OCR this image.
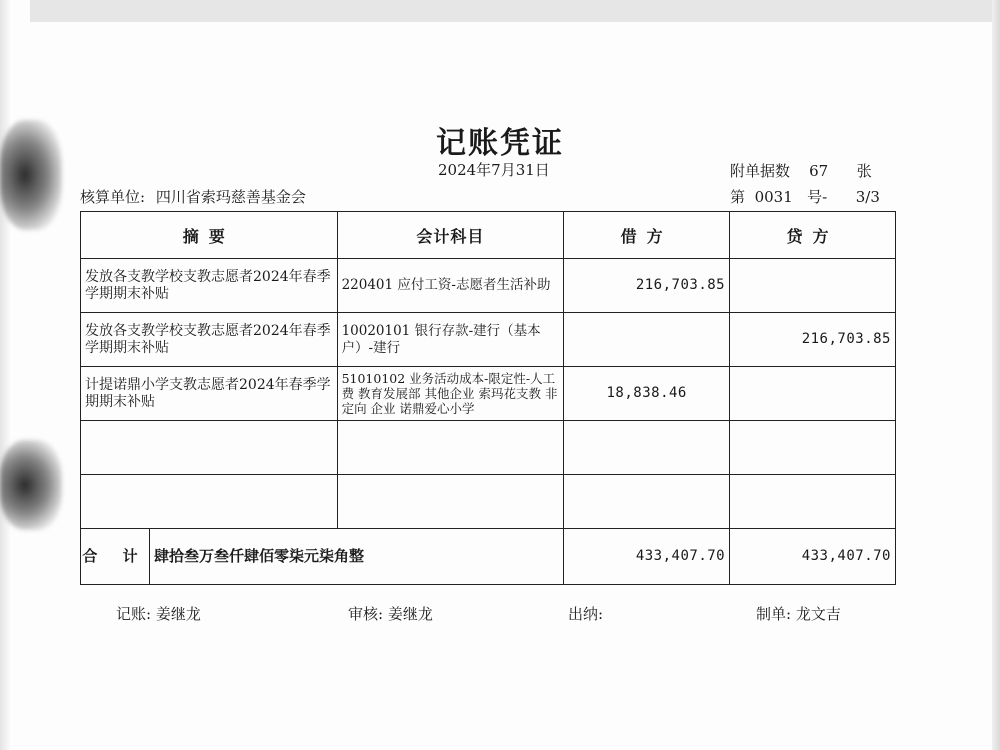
记账凭证
2024年7月31日	附单据数 67 张
核算单位: 四川省索玛慈善基金会	第 0031 号- 3/3
摘要	会计科目	借方	贷方
发放各支教学校支教志愿者2024年春季学期期末补贴	220401 应付工资-志愿者生活补助	216,703.85	
发放各支教学校支教志愿者2024年春季学期期末补贴	10020101 银行存款-建行（基本户）-建行		216,703.85
计提诺鼎小学支教志愿者2024年春季学期期末补贴	51010102 业务活动成本-限定性-人工费 教育发展部 其他企业 索玛花支教 非定向 企业 诺鼎爱心小学	18,838.46	

合 计 肆拾叁万叁仟肆佰零柒元柒角整		433,407.70	433,407.70
记账: 姜继龙	审核: 姜继龙	出纳:	制单: 龙文吉
